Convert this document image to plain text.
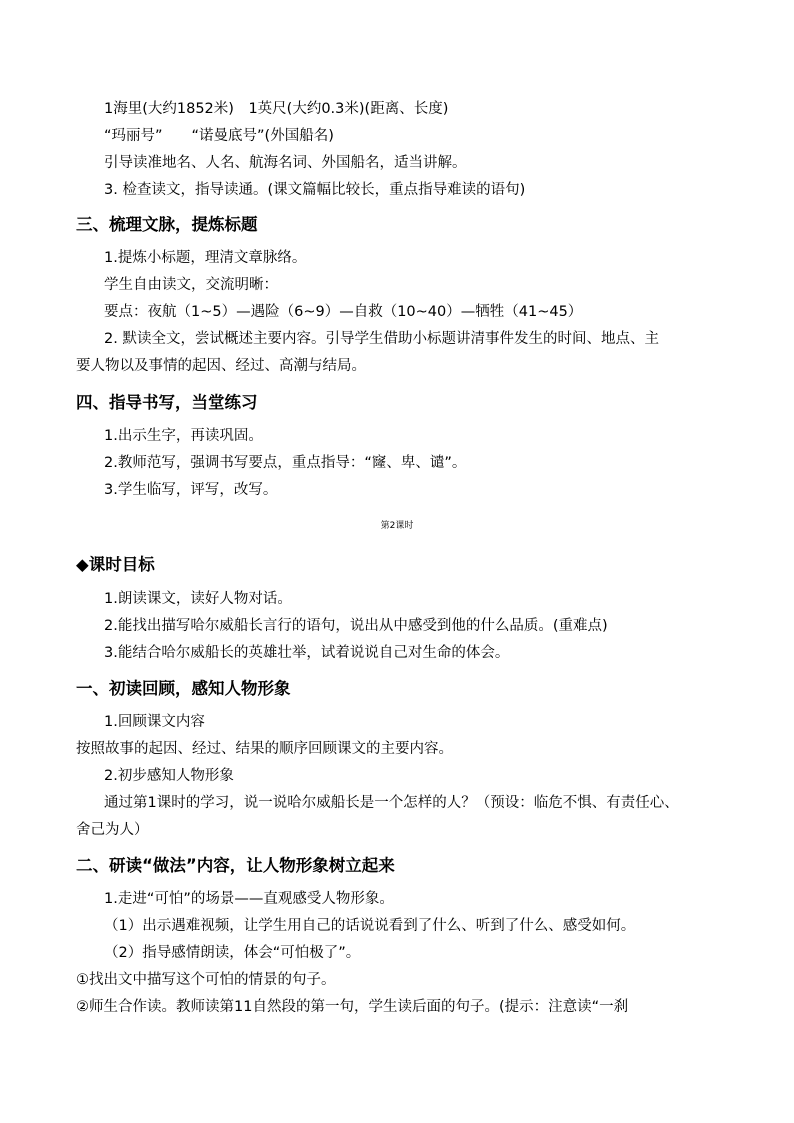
1海里(大约1852米)　1英尺(大约0.3米)(距离、长度)
“玛丽号”　　“诺曼底号”(外国船名)
引导读准地名、人名、航海名词、外国船名，适当讲解。
3. 检查读文，指导读通。(课文篇幅比较长，重点指导难读的语句)
三、梳理文脉，提炼标题
1.提炼小标题，理清文章脉络。
学生自由读文，交流明晰：
要点：夜航（1~5）—遇险（6~9）—自救（10~40）—牺牲（41~45）
2. 默读全文，尝试概述主要内容。引导学生借助小标题讲清事件发生的时间、地点、主
要人物以及事情的起因、经过、高潮与结局。
四、指导书写，当堂练习
1.出示生字，再读巩固。
2.教师范写，强调书写要点，重点指导：“窿、卑、谴”。
3.学生临写，评写，改写。
第2课时
◆课时目标
1.朗读课文，读好人物对话。
2.能找出描写哈尔威船长言行的语句，说出从中感受到他的什么品质。(重难点)
3.能结合哈尔威船长的英雄壮举，试着说说自己对生命的体会。
一、初读回顾，感知人物形象
1.回顾课文内容
按照故事的起因、经过、结果的顺序回顾课文的主要内容。
2.初步感知人物形象
通过第1课时的学习，说一说哈尔威船长是一个怎样的人？（预设：临危不惧、有责任心、
舍己为人）
二、研读“做法”内容，让人物形象树立起来
1.走进“可怕”的场景——直观感受人物形象。
（1）出示遇难视频，让学生用自己的话说说看到了什么、听到了什么、感受如何。
（2）指导感情朗读，体会“可怕极了”。
①找出文中描写这个可怕的情景的句子。
②师生合作读。教师读第11自然段的第一句，学生读后面的句子。(提示：注意读“一刹
